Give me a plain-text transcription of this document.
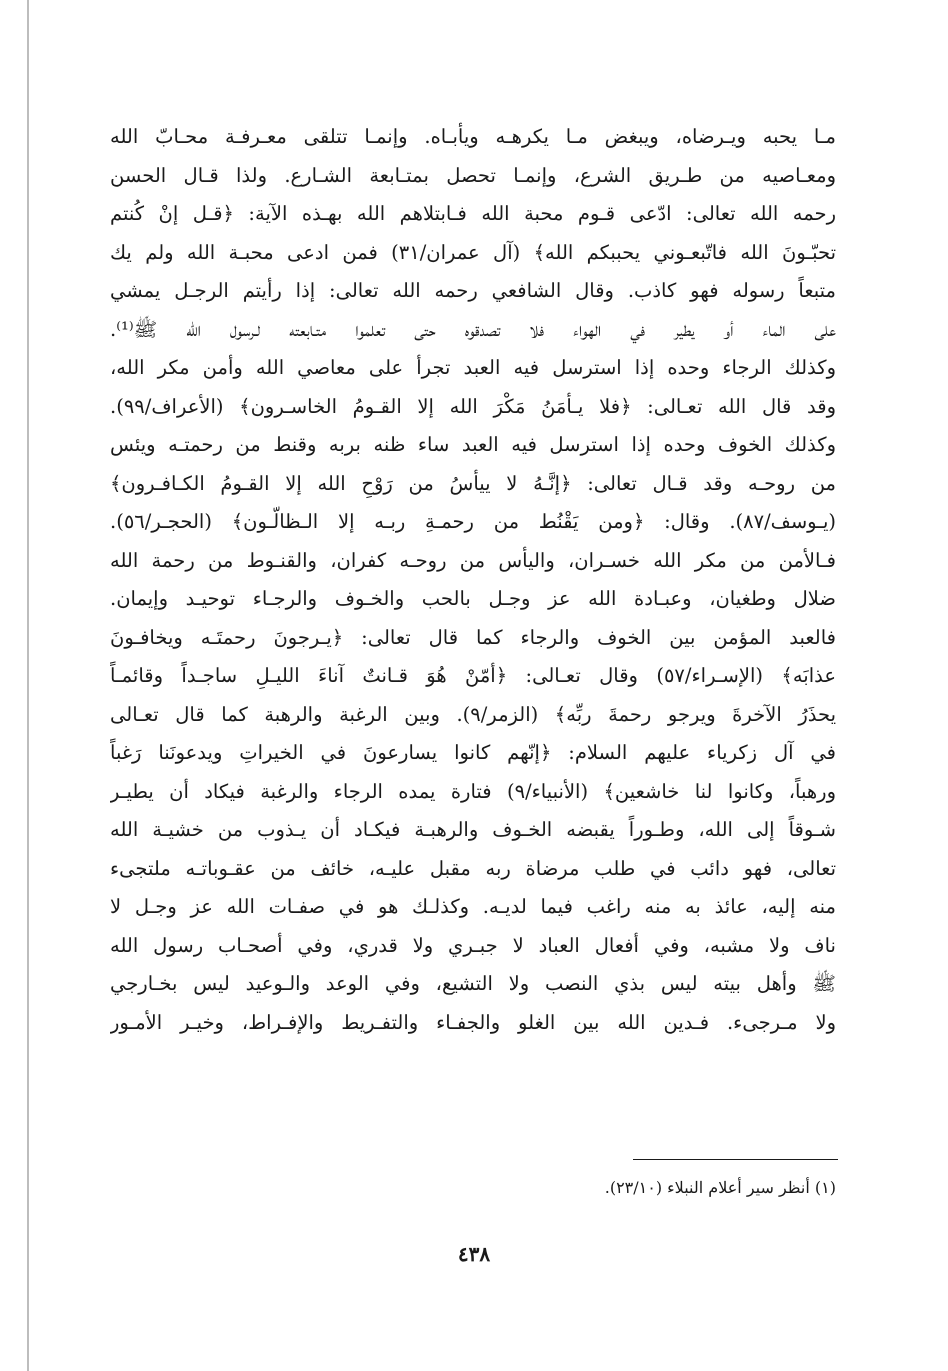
مـا يحبه ويـرضاه، ويبغض مـا يكرهـه ويأبـاه. وإنمـا تتلقى معـرفـة محـابّ الله
ومعـاصيه من طـريق الشرع، وإنمـا تحصل بمتـابعة الشـارع. ولذا قـال الحسن
رحمه الله تعالى: ادّعى قـوم محبة الله فـابتلاهم الله بهـذه الآية: ﴿قـل إنْ كُنتم
تحبّـونَ الله فاتّبعـوني يحببكم الله﴾ (آل عمران/٣١) فمن ادعى محبـة الله ولم يك
متبعاً رسوله فهو كاذب. وقال الشافعي رحمه الله تعالى: إذا رأيتم الرجـل يمشي
على الماء أو يطير في الهواء فلا تصدقوه حتى تعلموا متـابعته لـرسول الله ﷺ⁽¹⁾.
وكذلك الرجاء وحده إذا استرسل فيه العبد تجرأ على معاصي الله وأمن مكر الله،
وقد قال الله تعـالى: ﴿فلا يـأمَنُ مَكْرَ الله إلا القـومُ الخاسـرون﴾ (الأعراف/٩٩).
وكذلك الخوف وحده إذا استرسل فيه العبد ساء ظنه بربه وقنط من رحمتـه ويئس
من روحـه وقد قـال تعالى: ﴿إنَّـهُ لا ييأسُ من رَوْحِ الله إلا القـومُ الكـافـرون﴾
(يـوسف/٨٧). وقال: ﴿ومن يَقْنُط من رحمـةِ ربـه إلا الـظالّـون﴾ (الحجـر/٥٦).
فـالأمن من مكر الله خسـران، واليأس من روحـه كفران، والقنـوط من رحمة الله
ضلال وطغيان، وعبـادة الله عز وجـل بالحب والخـوف والرجـاء توحيـد وإيمان.
فالعبد المؤمن بين الخوف والرجاء كما قال تعالى: ﴿يـرجونَ رحمتَـه ويخافـونَ
عذابَه﴾ (الإسـراء/٥٧) وقال تعـالى: ﴿أمّنْ هُوَ قـانتٌ آناءَ الليـلِ ساجـداً وقائمـاً
يحذَرُ الآخرةَ ويرجو رحمةَ ربِّه﴾ (الزمر/٩). وبين الرغبة والرهبة كما قال تعـالى
في آل زكرياء عليهم السلام: ﴿إنّهم كانوا يسارعونَ في الخيراتِ ويدعونَنا رَغباً
ورهباً، وكانوا لنا خاشعين﴾ (الأنبياء/٩) فتارة يمده الرجاء والرغبة فيكاد أن يطيـر
شـوقاً إلى الله، وطـوراً يقبضه الخـوف والرهبـة فيكـاد أن يـذوب من خشيـة الله
تعالى، فهو دائب في طلب مرضاة ربه مقبل عليـه، خائف من عقـوباتـه ملتجىء
منه إليه، عائذ به منه راغب فيما لديـه. وكذلـك هو في صفـات الله عز وجـل لا
ناف ولا مشبه، وفي أفعال العباد لا جبـري ولا قدري، وفي أصحـاب رسول الله
ﷺ وأهل بيته ليس بذي النصب ولا التشيع، وفي الوعد والـوعيد ليس بخـارجي
ولا مـرجىء. فـدين الله بين الغلو والجفـاء والتفـريط والإفـراط، وخيـر الأمـور
(١) أنظر سير أعلام النبلاء (٢٣/١٠).
٤٣٨
